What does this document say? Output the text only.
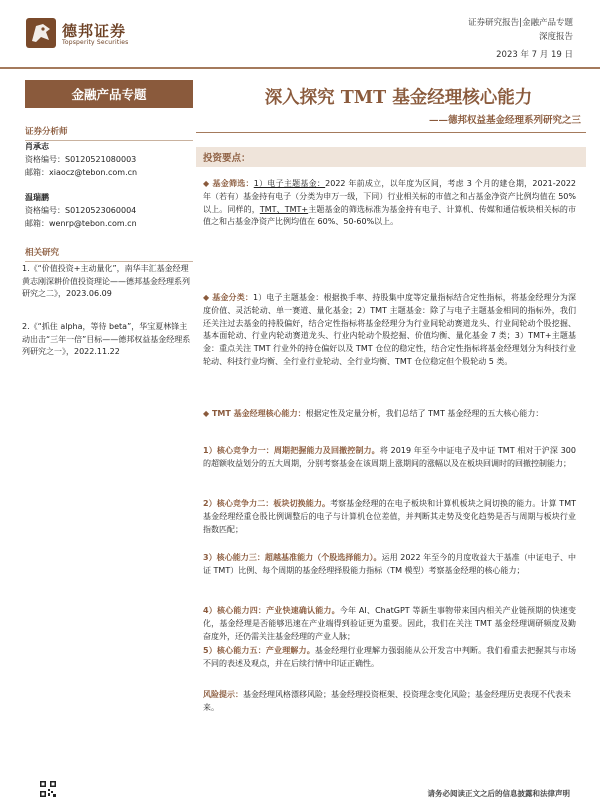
德邦证券
Topsperity Securities
证券研究报告|金融产品专题
深度报告
2023 年 7 月 19 日
金融产品专题
证券分析师
肖承志
资格编号：S0120521080003
邮箱：xiaocz@tebon.com.cn
温瑞鹏
资格编号：S0120523060004
邮箱：wenrp@tebon.com.cn
相关研究
1.《“价值投资+主动量化”，南华丰汇基金经理黄志刚深耕价值投资理论——德邦基金经理系列研究之二》，2023.06.09
2.《“抓住 alpha，等待 beta”，华宝夏林锋主动出击“三年一倍”目标——德邦权益基金经理系列研究之一》，2022.11.22
深入探究 TMT 基金经理核心能力
——德邦权益基金经理系列研究之三
投资要点：
◆ 基金筛选：1）电子主题基金：2022 年前成立，以年度为区间，考虑 3 个月的建仓期，2021-2022 年（若有）基金持有电子（分类为申万一级，下同）行业相关标的市值之和占基金净资产比例均值在 50%以上。同样的，TMT、TMT+主题基金的筛选标准为基金持有电子、计算机、传媒和通信板块相关标的市值之和占基金净资产比例均值在 60%、50-60%以上。
◆ 基金分类：1）电子主题基金：根据换手率、持股集中度等定量指标结合定性指标，将基金经理分为深度价值、灵活轮动、单一赛道、量化基金；2）TMT 主题基金：除了与电子主题基金相同的指标外，我们还关注过去基金的持股偏好，结合定性指标将基金经理分为行业间轮动赛道龙头、行业间轮动个股挖掘、基本面轮动、行业内轮动赛道龙头、行业内轮动个股挖掘、价值均衡、量化基金 7 类；3）TMT+主题基金：重点关注 TMT 行业外的持仓偏好以及 TMT 仓位的稳定性，结合定性指标将基金经理划分为科技行业轮动、科技行业均衡、全行业行业轮动、全行业均衡、TMT 仓位稳定但个股轮动 5 类。
◆ TMT 基金经理核心能力：根据定性及定量分析，我们总结了 TMT 基金经理的五大核心能力：
1）核心竞争力一：周期把握能力及回撤控制力。将 2019 年至今中证电子及中证 TMT 相对于沪深 300 的超额收益划分的五大周期，分别考察基金在该周期上涨期间的涨幅以及在板块回调时的回撤控制能力；
2）核心竞争力二：板块切换能力。考察基金经理的在电子板块和计算机板块之间切换的能力。计算 TMT 基金经理经重仓股比例调整后的电子与计算机仓位差值，并判断其走势及变化趋势是否与周期与板块行业指数匹配；
3）核心能力三：超越基准能力（个股选择能力）。运用 2022 年至今的月度收益大于基准（中证电子、中证 TMT）比例、每个周期的基金经理择股能力指标（TM 模型）考察基金经理的核心能力；
4）核心能力四：产业快速确认能力。今年 AI、ChatGPT 等新生事物带来国内相关产业链预期的快速变化，基金经理是否能够迅速在产业端得到验证更为重要。因此，我们在关注 TMT 基金经理调研频度及勤奋度外，还仍需关注基金经理的产业人脉；
5）核心能力五：产业理解力。基金经理行业理解力强弱能从公开发言中判断。我们看重去把握其与市场不同的表述及观点，并在后续行情中印证正确性。
风险提示：基金经理风格漂移风险；基金经理投资框架、投资理念变化风险；基金经理历史表现不代表未来。
请务必阅读正文之后的信息披露和法律声明
